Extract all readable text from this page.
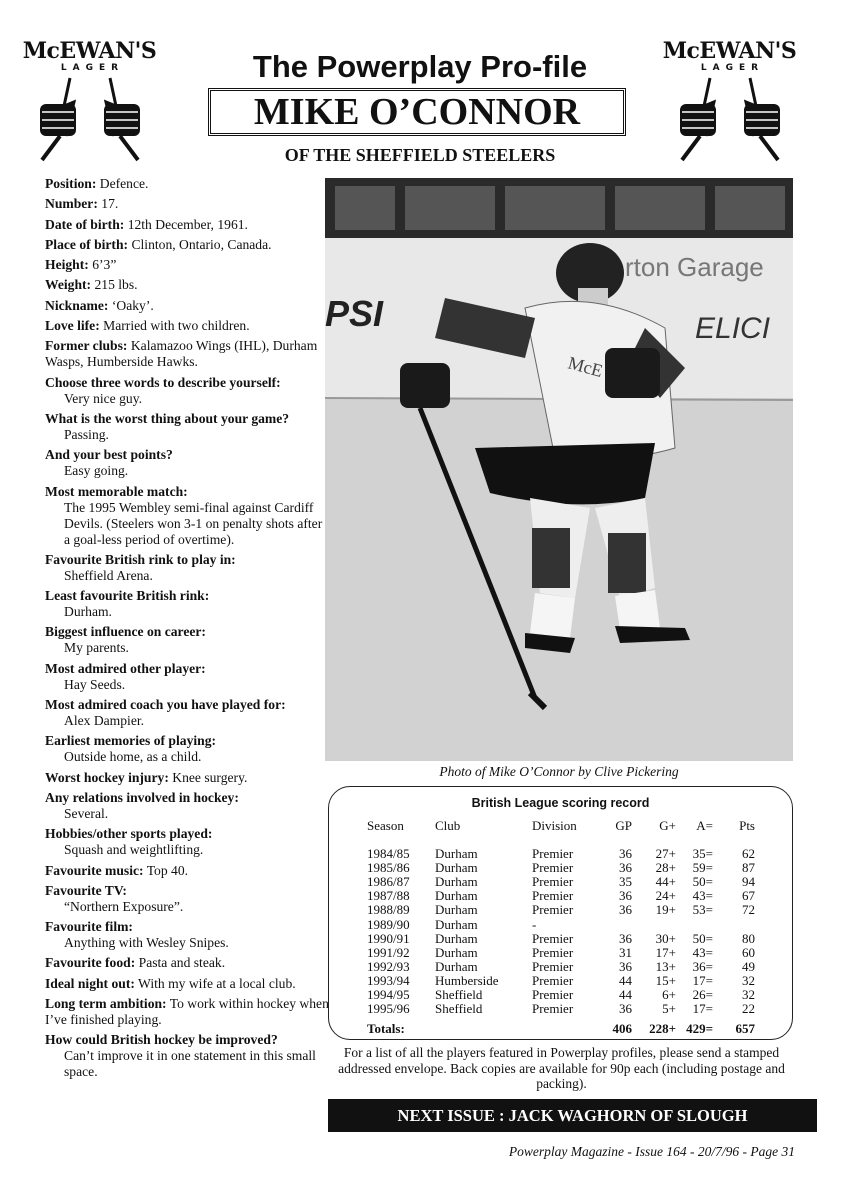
McEWAN'S
LAGER
McEWAN'S
LAGER
The Powerplay Pro-file
MIKE O’CONNOR
OF THE SHEFFIELD STEELERS
Position: Defence.
Number: 17.
Date of birth: 12th December, 1961.
Place of birth: Clinton, Ontario, Canada.
Height: 6’3”
Weight: 215 lbs.
Nickname: ‘Oaky’.
Love life: Married with two children.
Former clubs: Kalamazoo Wings (IHL), Durham Wasps, Humberside Hawks.
Choose three words to describe yourself:
Very nice guy.
What is the worst thing about your game?
Passing.
And your best points?
Easy going.
Most memorable match:
The 1995 Wembley semi-final against Cardiff Devils. (Steelers won 3-1 on penalty shots after a goal-less period of overtime).
Favourite British rink to play in:
Sheffield Arena.
Least favourite British rink:
Durham.
Biggest influence on career:
My parents.
Most admired other player:
Hay Seeds.
Most admired coach you have played for:
Alex Dampier.
Earliest memories of playing:
Outside home, as a child.
Worst hockey injury: Knee surgery.
Any relations involved in hockey:
Several.
Hobbies/other sports played:
Squash and weightlifting.
Favourite music: Top 40.
Favourite TV:
“Northern Exposure”.
Favourite film:
Anything with Wesley Snipes.
Favourite food: Pasta and steak.
Ideal night out: With my wife at a local club.
Long term ambition: To work within hockey when I’ve finished playing.
How could British hockey be improved?
Can’t improve it in one statement in this small space.
rton Garage
PSI	ELICI
McE
Photo of Mike O’Connor by Clive Pickering
British League scoring record
Season	Club	Division	GP	G+	A=	Pts
1984/85	Durham	Premier	36	27+	35=	62
1985/86	Durham	Premier	36	28+	59=	87
1986/87	Durham	Premier	35	44+	50=	94
1987/88	Durham	Premier	36	24+	43=	67
1988/89	Durham	Premier	36	19+	53=	72
1989/90	Durham	-				
1990/91	Durham	Premier	36	30+	50=	80
1991/92	Durham	Premier	31	17+	43=	60
1992/93	Durham	Premier	36	13+	36=	49
1993/94	Humberside	Premier	44	15+	17=	32
1994/95	Sheffield	Premier	44	6+	26=	32
1995/96	Sheffield	Premier	36	5+	17=	22
Totals:			406	228+	429=	657
For a list of all the players featured in Powerplay profiles, please send a stamped addressed envelope. Back copies are available for 90p each (including postage and packing).
NEXT ISSUE : JACK WAGHORN OF SLOUGH
Powerplay Magazine - Issue 164 - 20/7/96 - Page 31
